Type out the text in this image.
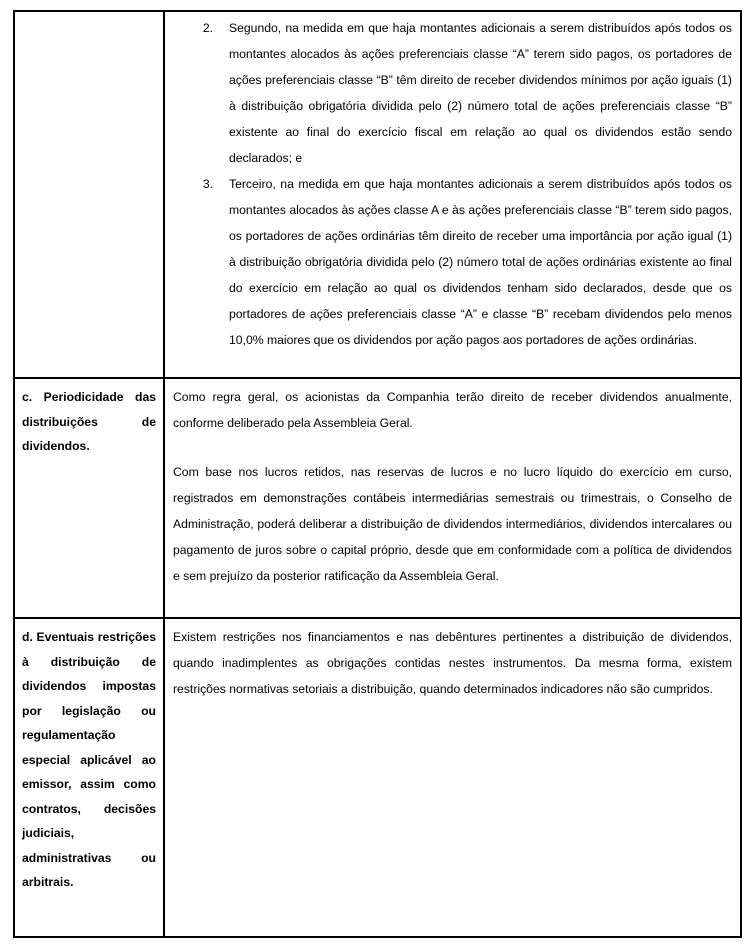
	2. Segundo, na medida em que haja montantes adicionais a serem distribuídos após todos os montantes alocados às ações preferenciais classe “A” terem sido pagos, os portadores de ações preferenciais classe “B” têm direito de receber dividendos mínimos por ação iguais (1) à distribuição obrigatória dividida pelo (2) número total de ações preferenciais classe “B” existente ao final do exercício fiscal em relação ao qual os dividendos estão sendo declarados; e
3. Terceiro, na medida em que haja montantes adicionais a serem distribuídos após todos os montantes alocados às ações classe A e às ações preferenciais classe “B” terem sido pagos, os portadores de ações ordinárias têm direito de receber uma importância por ação igual (1) à distribuição obrigatória dividida pelo (2) número total de ações ordinárias existente ao final do exercício em relação ao qual os dividendos tenham sido declarados, desde que os portadores de ações preferenciais classe “A” e classe “B” recebam dividendos pelo menos 10,0% maiores que os dividendos por ação pagos aos portadores de ações ordinárias.

c. Periodicidade das distribuições de dividendos.	Como regra geral, os acionistas da Companhia terão direito de receber dividendos anualmente, conforme deliberado pela Assembleia Geral.

Com base nos lucros retidos, nas reservas de lucros e no lucro líquido do exercício em curso, registrados em demonstrações contábeis intermediárias semestrais ou trimestrais, o Conselho de Administração, poderá deliberar a distribuição de dividendos intermediários, dividendos intercalares ou pagamento de juros sobre o capital próprio, desde que em conformidade com a política de dividendos e sem prejuízo da posterior ratificação da Assembleia Geral.

d. Eventuais restrições à distribuição de dividendos impostas por legislação ou regulamentação especial aplicável ao emissor, assim como contratos, decisões judiciais, administrativas ou arbitrais.	Existem restrições nos financiamentos e nas debêntures pertinentes a distribuição de dividendos, quando inadimplentes as obrigações contidas nestes instrumentos. Da mesma forma, existem restrições normativas setoriais a distribuição, quando determinados indicadores não são cumpridos.
